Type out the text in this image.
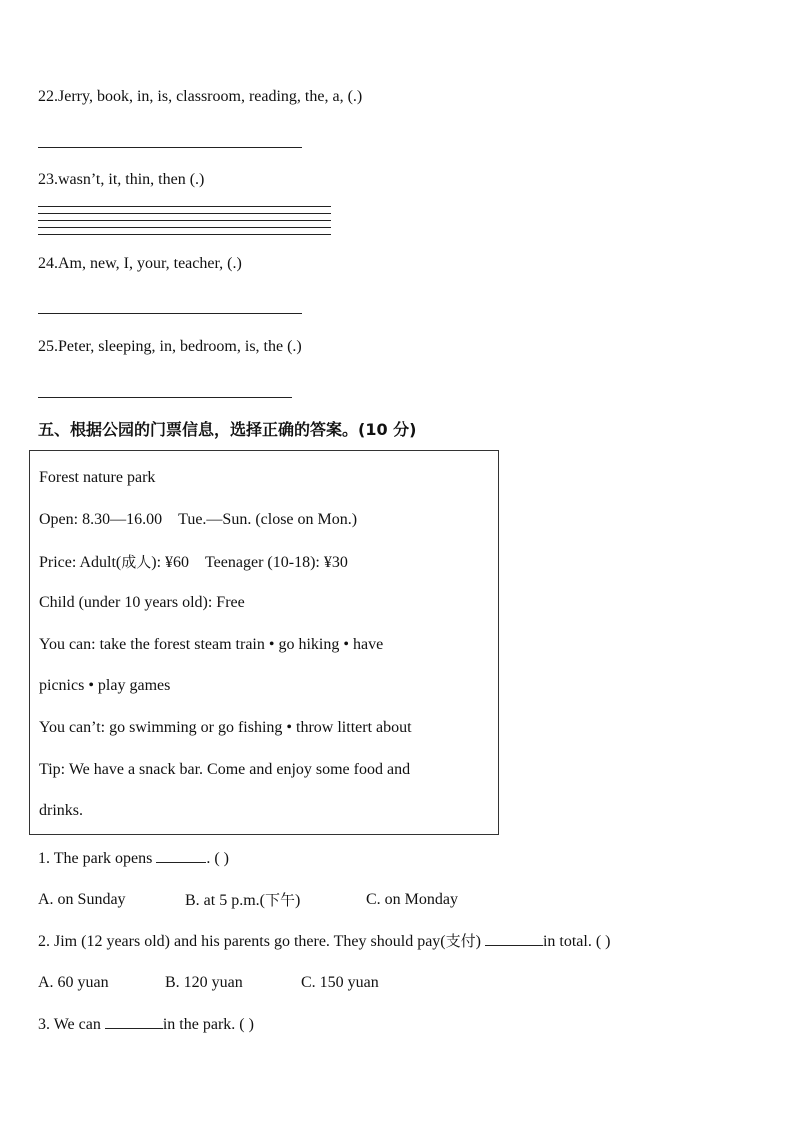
22.Jerry, book, in, is, classroom, reading, the, a, (.)
23.wasn’t, it, thin, then (.)
24.Am, new, I, your, teacher, (.)
25.Peter, sleeping, in, bedroom, is, the (.)
五、根据公园的门票信息，选择正确的答案。(10 分)
Forest nature park
Open: 8.30—16.00 Tue.—Sun. (close on Mon.)
Price: Adult(成人): ¥60 Teenager (10-18): ¥30
Child (under 10 years old): Free
You can: take the forest steam train • go hiking • have
picnics • play games
You can’t: go swimming or go fishing • throw littert about
Tip: We have a snack bar. Come and enjoy some food and
drinks.
1. The park opens	. ( )
A. on Sunday	B. at 5 p.m.(下午)	C. on Monday
2. Jim (12 years old) and his parents go there. They should pay(支付)	in total. ( )
A. 60 yuan	B. 120 yuan	C. 150 yuan
3. We can	in the park. ( )
